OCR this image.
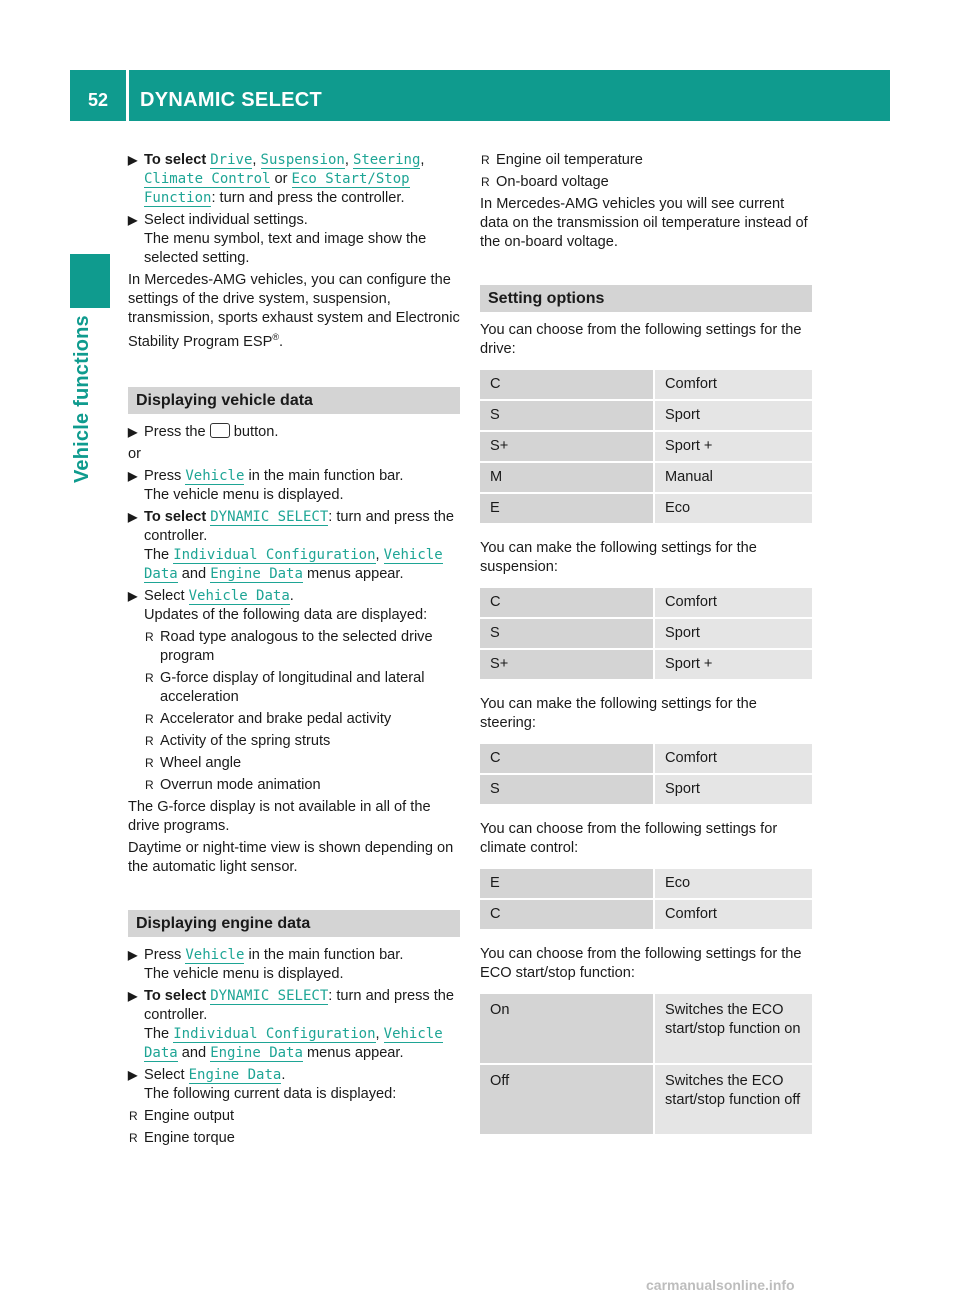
52	DYNAMIC SELECT
Vehicle functions
▶ To select Drive, Suspension, Steering, Climate Control or Eco Start/Stop Function: turn and press the controller.
▶ Select individual settings.
The menu symbol, text and image show the selected setting.

In Mercedes-AMG vehicles, you can configure the settings of the drive system, suspension, transmission, sports exhaust system and Electronic Stability Program ESP®.

Displaying vehicle data
▶ Press the button.

or

▶ Press Vehicle in the main function bar.
The vehicle menu is displayed.
▶ To select DYNAMIC SELECT: turn and press the controller.
The Individual Configuration, Vehicle Data and Engine Data menus appear.
▶ Select Vehicle Data.
Updates of the following data are displayed:
R Road type analogous to the selected drive program
R G-force display of longitudinal and lateral acceleration
R Accelerator and brake pedal activity
R Activity of the spring struts
R Wheel angle
R Overrun mode animation

The G-force display is not available in all of the drive programs.

Daytime or night-time view is shown depending on the automatic light sensor.

Displaying engine data
▶ Press Vehicle in the main function bar.
The vehicle menu is displayed.
▶ To select DYNAMIC SELECT: turn and press the controller.
The Individual Configuration, Vehicle Data and Engine Data menus appear.
▶ Select Engine Data.
The following current data is displayed:
R Engine output
R Engine torque
R Engine oil temperature
R On-board voltage

In Mercedes-AMG vehicles you will see current data on the transmission oil temperature instead of the on-board voltage.

Setting options

You can choose from the following settings for the drive:

C	Comfort
S	Sport
S+	Sport +
M	Manual
E	Eco

You can make the following settings for the suspension:

C	Comfort
S	Sport
S+	Sport +

You can make the following settings for the steering:

C	Comfort
S	Sport

You can choose from the following settings for climate control:

E	Eco
C	Comfort

You can choose from the following settings for the ECO start/stop function:

On	Switches the ECO start/stop function on
Off	Switches the ECO start/stop function off
carmanualsonline.info
